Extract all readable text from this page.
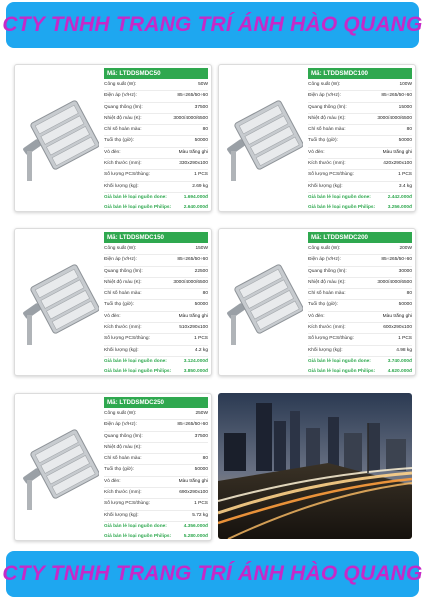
CTY TNHH TRANG TRÍ ÁNH HÀO QUANG
Mã: LTDDSMDC50
Công suất (W):	50W
Điện áp (V/Hz):	85÷265/50÷60
Quang thông (lm):	37500
Nhiệt độ màu (K):	3000/4000/6500
Chỉ số hoàn màu:	80
Tuổi thọ (giờ):	50000
Vỏ đèn:	Màu trắng ghi
Kích thước (mm):	330x290x100
Số lượng PCS/thùng:	1 PCS
Khối lượng (kg):	2.69 kg
Giá bán lẻ loại nguồn done:	1.694.000đ
Giá bán lẻ loại nguồn Philips:	2.640.000đ
Mã: LTDDSMDC100
Công suất (W):	100W
Điện áp (V/Hz):	85÷265/50÷60
Quang thông (lm):	15000
Nhiệt độ màu (K):	3000/4000/6500
Chỉ số hoàn màu:	80
Tuổi thọ (giờ):	50000
Vỏ đèn:	Màu trắng ghi
Kích thước (mm):	420x290x100
Số lượng PCS/thùng:	1 PCS
Khối lượng (kg):	3.4 kg
Giá bán lẻ loại nguồn done:	2.442.000đ
Giá bán lẻ loại nguồn Philips:	3.256.000đ
Mã: LTDDSMDC150
Công suất (W):	150W
Điện áp (V/Hz):	85÷265/50÷60
Quang thông (lm):	22500
Nhiệt độ màu (K):	3000/4000/6500
Chỉ số hoàn màu:	80
Tuổi thọ (giờ):	50000
Vỏ đèn:	Màu trắng ghi
Kích thước (mm):	510x290x100
Số lượng PCS/thùng:	1 PCS
Khối lượng (kg):	4.2 kg
Giá bán lẻ loại nguồn done:	3.124.000đ
Giá bán lẻ loại nguồn Philips:	3.850.000đ
Mã: LTDDSMDC200
Công suất (W):	200W
Điện áp (V/Hz):	85÷265/50÷60
Quang thông (lm):	30000
Nhiệt độ màu (K):	3000/4000/6500
Chỉ số hoàn màu:	80
Tuổi thọ (giờ):	50000
Vỏ đèn:	Màu trắng ghi
Kích thước (mm):	600x290x100
Số lượng PCS/thùng:	1 PCS
Khối lượng (kg):	4.98 kg
Giá bán lẻ loại nguồn done:	3.740.000đ
Giá bán lẻ loại nguồn Philips:	4.620.000đ
Mã: LTDDSMDC250
Công suất (W):	250W
Điện áp (V/Hz):	85÷265/50÷60
Quang thông (lm):	37500
Nhiệt độ màu (K):
Chỉ số hoàn màu:	80
Tuổi thọ (giờ):	50000
Vỏ đèn:	Màu trắng ghi
Kích thước (mm):	690x290x100
Số lượng PCS/thùng:	1 PCS
Khối lượng (kg):	5.72 kg
Giá bán lẻ loại nguồn done:	4.356.000đ
Giá bán lẻ loại nguồn Philips:	5.280.000đ
CTY TNHH TRANG TRÍ ÁNH HÀO QUANG
